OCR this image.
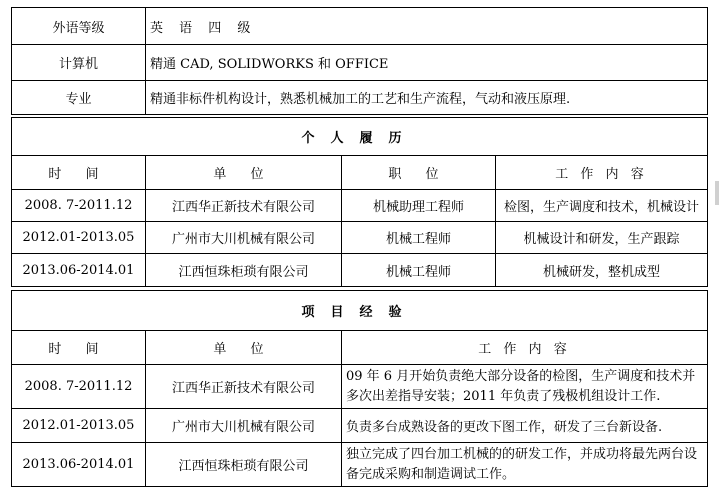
外语等级	英 语 四 级
计算机	精通 CAD, SOLIDWORKS 和 OFFICE
专业	精通非标件机构设计，熟悉机械加工的工艺和生产流程，气动和液压原理.
个人履历			
时 间	单 位	职 位	工 作 内 容
2008. 7-2011.12	江西华正新技术有限公司	机械助理工程师	检图，生产调度和技术，机械设计
2012.01-2013.05	广州市大川机械有限公司	机械工程师	机械设计和研发，生产跟踪
2013.06-2014.01	江西恒珠柜琐有限公司	机械工程师	机械研发，整机成型
项目经验		
时 间	单 位	工 作 内 容
2008. 7-2011.12	江西华正新技术有限公司	09 年 6 月开始负责绝大部分设备的检图，生产调度和技术并多次出差指导安装；2011 年负责了残极机组设计工作.
2012.01-2013.05	广州市大川机械有限公司	负责多台成熟设备的更改下图工作，研发了三台新设备.
2013.06-2014.01	江西恒珠柜琐有限公司	独立完成了四台加工机械的的研发工作，并成功将最先两台设备完成采购和制造调试工作。
